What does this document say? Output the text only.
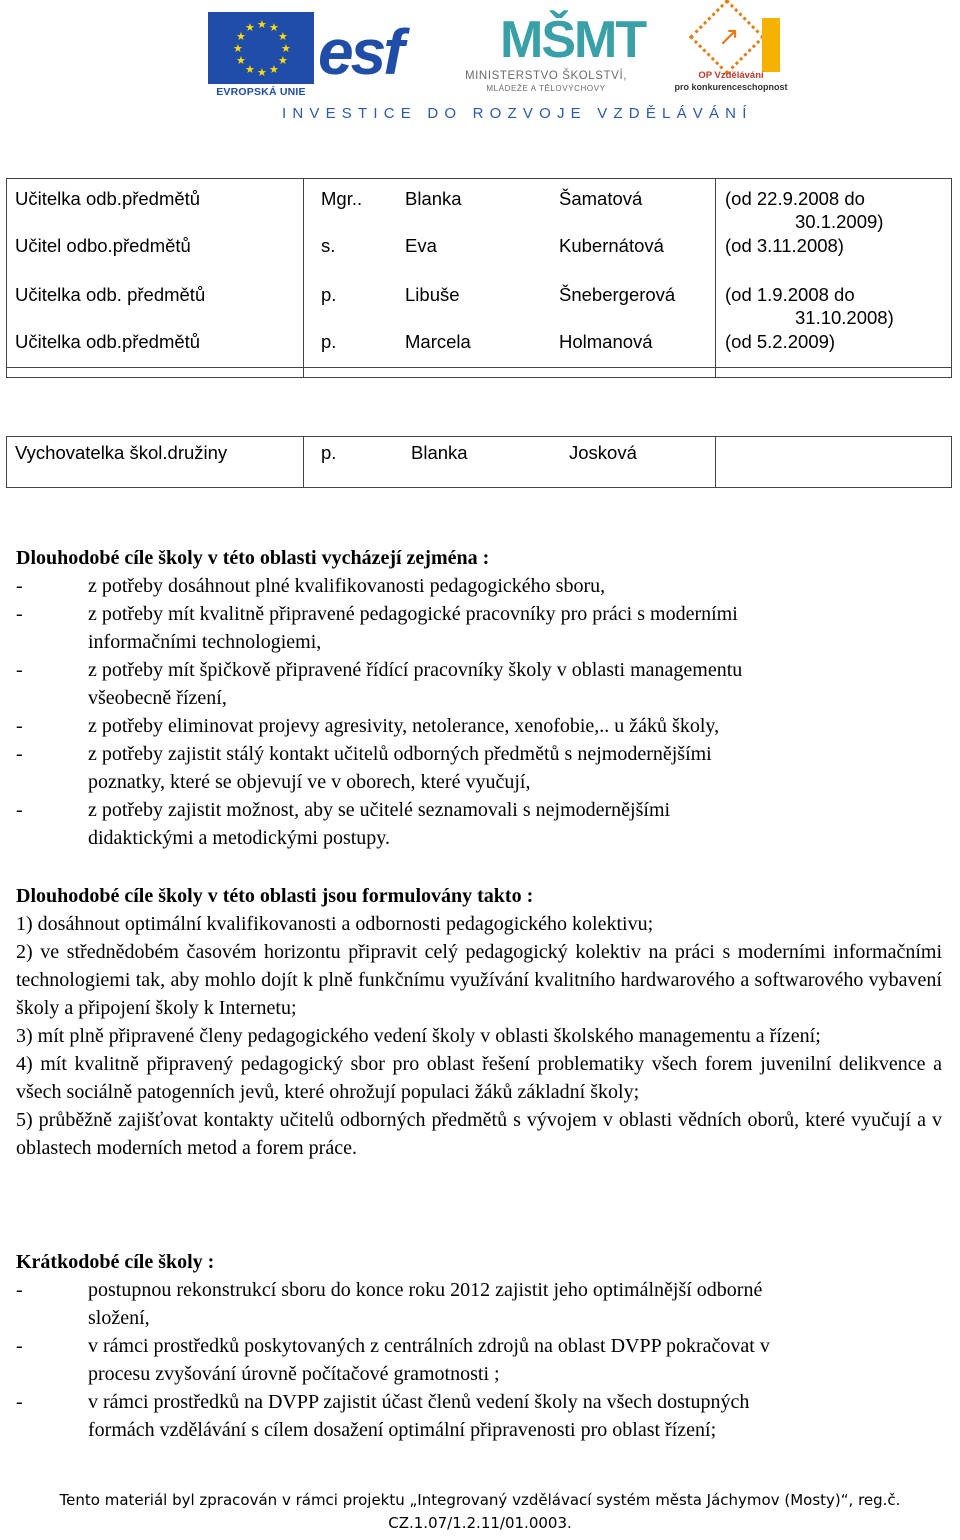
★ ★
★
★
★
★
★
★
★
★
★
★
EVROPSKÁ UNIE
esf	MŠMT
MINISTERSTVO ŠKOLSTVÍ,
MLÁDEŽE A TĚLOVÝCHOVY
↗
OP Vzdělávání
pro konkurenceschopnost
INVESTICE DO ROZVOJE VZDĚLÁVÁNÍ
Učitelka odb.předmětů	Mgr.. Blanka	Šamatová	(od 22.9.2008 do
30.1.2009)
Učitel odbo.předmětů	s.	Eva	Kubernátová	(od 3.11.2008)
Učitelka odb. předmětů	p.	Libuše	Šnebergerová	(od 1.9.2008 do
31.10.2008)
Učitelka odb.předmětů	p.	Marcela	Holmanová	(od 5.2.2009)
Vychovatelka škol.družiny	p.	Blanka	Josková
Dlouhodobé cíle školy v této oblasti vycházejí zejména :
-	z potřeby dosáhnout plné kvalifikovanosti pedagogického sboru,
-	z potřeby mít kvalitně připravené pedagogické pracovníky pro práci s moderními
informačními technologiemi,
-	z potřeby mít špičkově připravené řídící pracovníky školy v oblasti managementu
všeobecně řízení,
-	z potřeby eliminovat projevy agresivity, netolerance, xenofobie,.. u žáků školy,
-	z potřeby zajistit stálý kontakt učitelů odborných předmětů s nejmodernějšími
poznatky, které se objevují ve v oborech, které vyučují,
-	z potřeby zajistit možnost, aby se učitelé seznamovali s nejmodernějšími
didaktickými a metodickými postupy.
Dlouhodobé cíle školy v této oblasti jsou formulovány takto :
1) dosáhnout optimální kvalifikovanosti a odbornosti pedagogického kolektivu;
2) ve střednědobém časovém horizontu připravit celý pedagogický kolektiv na práci s moderními informačními technologiemi tak, aby mohlo dojít k plně funkčnímu využívání kvalitního hardwarového a softwarového vybavení školy a připojení školy k Internetu;
3) mít plně připravené členy pedagogického vedení školy v oblasti školského managementu a řízení;
4) mít kvalitně připravený pedagogický sbor pro oblast řešení problematiky všech forem juvenilní delikvence a všech sociálně patogenních jevů, které ohrožují populaci žáků základní školy;
5) průběžně zajišťovat kontakty učitelů odborných předmětů s vývojem v oblasti vědních oborů, které vyučují a v oblastech moderních metod a forem práce.
Krátkodobé cíle školy :
-	postupnou rekonstrukcí sboru do konce roku 2012 zajistit jeho optimálnější odborné
složení,
-	v rámci prostředků poskytovaných z centrálních zdrojů na oblast DVPP pokračovat v
procesu zvyšování úrovně počítačové gramotnosti ;
-	v rámci prostředků na DVPP zajistit účast členů vedení školy na všech dostupných
formách vzdělávání s cílem dosažení optimální připravenosti pro oblast řízení;
Tento materiál byl zpracován v rámci projektu „Integrovaný vzdělávací systém města Jáchymov (Mosty)“, reg.č.
CZ.1.07/1.2.11/01.0003.
